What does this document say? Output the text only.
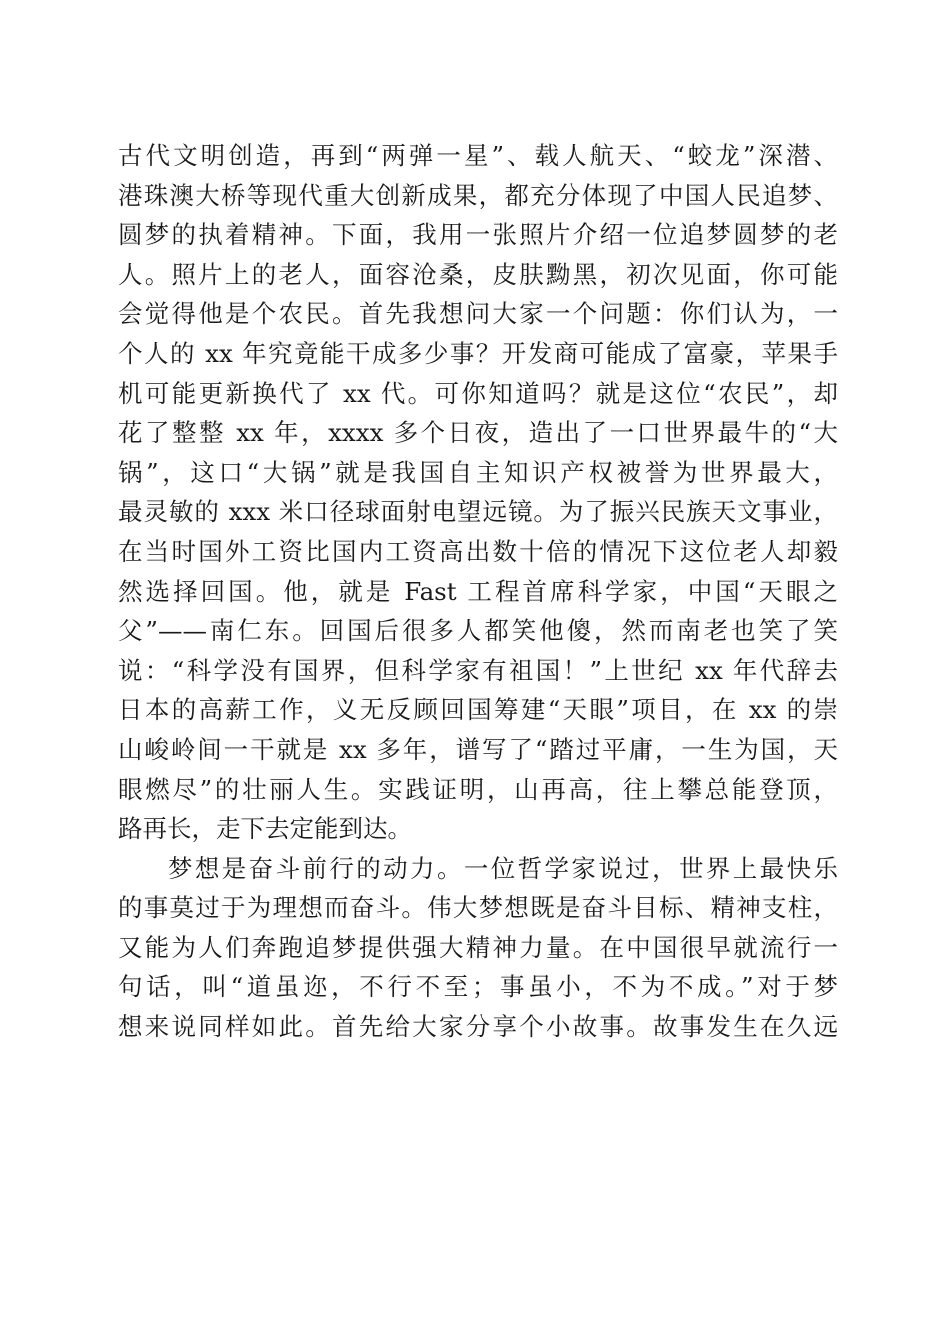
古代文明创造，再到“两弹一星”、载人航天、“蛟龙”深潜、
港珠澳大桥等现代重大创新成果，都充分体现了中国人民追梦、
圆梦的执着精神。下面，我用一张照片介绍一位追梦圆梦的老
人。照片上的老人，面容沧桑，皮肤黝黑，初次见面，你可能
会觉得他是个农民。首先我想问大家一个问题：你们认为，一
个人的 xx 年究竟能干成多少事？开发商可能成了富豪，苹果手
机可能更新换代了 xx 代。可你知道吗？就是这位“农民”，却
花了整整 xx 年，xxxx 多个日夜，造出了一口世界最牛的“大
锅”，这口“大锅”就是我国自主知识产权被誉为世界最大，
最灵敏的 xxx 米口径球面射电望远镜。为了振兴民族天文事业，
在当时国外工资比国内工资高出数十倍的情况下这位老人却毅
然选择回国。他，就是 Fast 工程首席科学家，中国“天眼之
父”——南仁东。回国后很多人都笑他傻，然而南老也笑了笑
说：“科学没有国界，但科学家有祖国！”上世纪 xx 年代辞去
日本的高薪工作，义无反顾回国筹建“天眼”项目，在 xx 的崇
山峻岭间一干就是 xx 多年，谱写了“踏过平庸，一生为国，天
眼燃尽”的壮丽人生。实践证明，山再高，往上攀总能登顶，
路再长，走下去定能到达。
梦想是奋斗前行的动力。一位哲学家说过，世界上最快乐
的事莫过于为理想而奋斗。伟大梦想既是奋斗目标、精神支柱，
又能为人们奔跑追梦提供强大精神力量。在中国很早就流行一
句话，叫“道虽迩，不行不至；事虽小，不为不成。”对于梦
想来说同样如此。首先给大家分享个小故事。故事发生在久远
